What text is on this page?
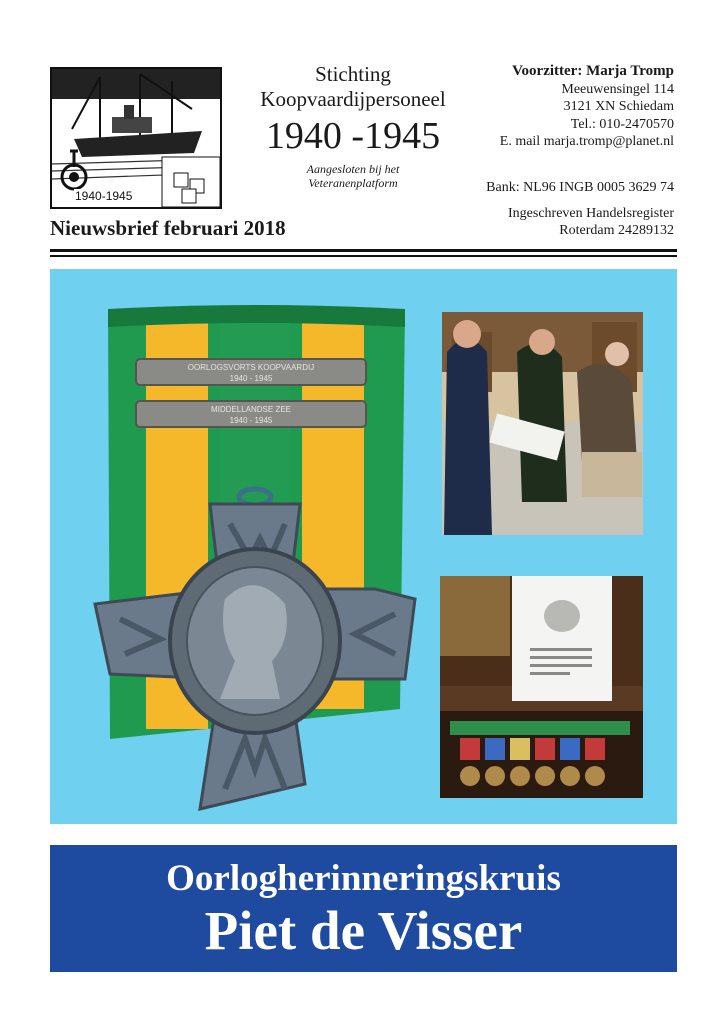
1940-1945
Stichting
Koopvaardijpersoneel
1940 -1945
Aangesloten bij het
Veteranenplatform
Voorzitter: Marja Tromp
Meeuwensingel 114
3121 XN Schiedam
Tel.: 010-2470570
E. mail marja.tromp@planet.nl
Bank: NL96 INGB 0005 3629 74
Ingeschreven Handelsregister
Roterdam 24289132
Nieuwsbrief februari 2018
OORLOGSVORTS KOOPVAARDIJ
1940 - 1945
MIDDELLANDSE ZEE
1940 - 1945
Oorlogherinneringskruis
Piet de Visser
